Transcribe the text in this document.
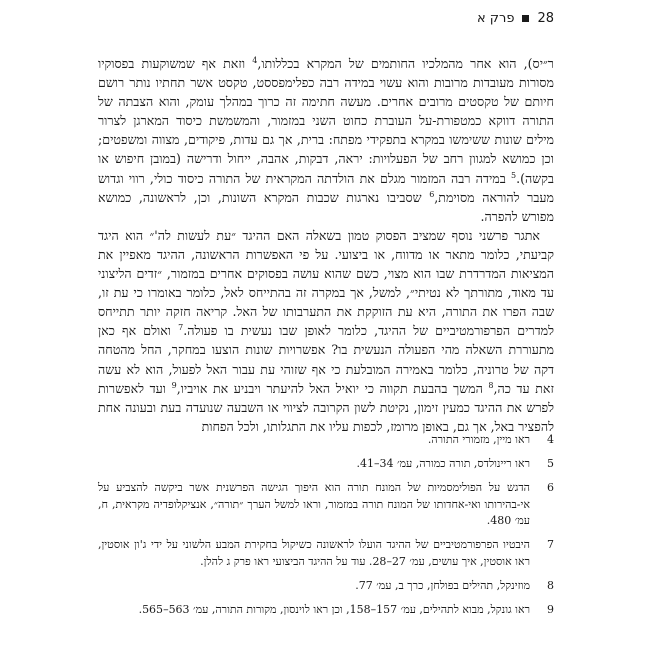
28
פרק א

ר״יס), הוא אחר מהמלכיו החותמים של המקרא בכללותו,$^4$ וזאת אף שמשוקעות בפסוקיו מסורות מעובדות מרובות והוא עשוי במידה רבה כפלימפססט, טקסט אשר תחתיו נותר רושם חיותם של טקסטים מרובים אחרים. מעשה חתימה זה כרוך במהלך עומק, והוא הצבתה של התורה דווקא כמטפורת-על העוברת כחוט השני במזמור, והמשמשת כיסוד המארגן לצרור מילים שונות ששימשו במקרא בתפקידי מפתח: ברית, אך גם עדות, פיקודים, מצווה ומשפטים; וכן כמושא למגוון רחב של הפעלויות: יראה, דבקות, אהבה, ייחול ודרישה (במובן חיפוש או בקשה).$^5$ במידה רבה המזמור מגלם את הולדתה המקראית של התורה כיסוד כולי, רווי וגדוש מעבר להוראה מסוימת,$^6$ שסביבו נארגות שכבות המקרא השונות, וכן, לראשונה, כמושא מפורש להפרה.

אתגר פרשני נוסף שמציב הפסוק טמון בשאלה האם ההיגד ״עת לעשות לה'״ הוא היגד קביעתי, כלומר מתאר או מדווח, או ביצועי. על פי האפשרות הראשונה, ההיגד מאפיין את המציאות המדרדרת שבו הוא מצוי, כשם שהוא עושה בפסוקים אחרים במזמור, ״זדים הליצוני עד מאוד, מתורתך לא נטיתי״, למשל, אך במקרה זה בהתייחס לאל, כלומר באומרו כי עת זו, שבה הפרו את התורה, היא עת הזוקקת את התערבותו של האל. קריאה חזקה יותר תתייחס למדרים הפרפורמטיביים של ההיגד, כלומר לאופן שבו נעשית בו פעולה.$^7$ ואולם אף כאן מתעוררת השאלה מהי הפעולה הנעשית בו? אפשרויות שונות הוצעו במחקר, החל מהטחה דקה של טרוניה, כלומר באמירה המובלעת כי אף שזוהי עת עבור האל לפעול, הוא לא עשה זאת עד כה,$^8$ המשך בהבעת תקווה כי יואיל האל להיעתר ויבניע את אויביו,$^9$ ועד לאפשרות לפרש את ההיגד כמעין זימון, נקיטת לשון הקרובה לציווי או השבעה שנועדה בעת ובעונה אחת להפציר באל, אך גם, באופן מרומז, לכפות עליו את התגלותו, ולכל הפחות

4
ראו מיין, מזמורי התורה.
5
ראו ריינולדס, תורה כמורה, עמ׳ 34–41.
6
הדגש על הפולימסמיות של המונח תורה הוא היפוך הגישה הפרשנית אשר ביקשה להצביע על אי-בהירותו ואי-אחדותו של המונח תורה במזמור, וראו למשל הערך ״תורה״, אנציקלופדיה מקראית, ח, עמ׳ 480.
7
היבטיו הפרפורמטיביים של ההיגד הועלו לראשונה כשיקול בחקירת המבע הלשוני על ידי ג'ון אוסטין, ראו אוסטין, איך עושים, עמ׳ 27–28. עוד על ההיגד הביצועי ראו פרק ג להלן.
8
מוזינקל, תהילים בפולחן, כרך ב, עמ׳ 77.
9
ראו גונקל, מבוא לתהילים, עמ׳ 157–158, וכן ראו לוינסון, מקורות התורה, עמ׳ 563–565.
